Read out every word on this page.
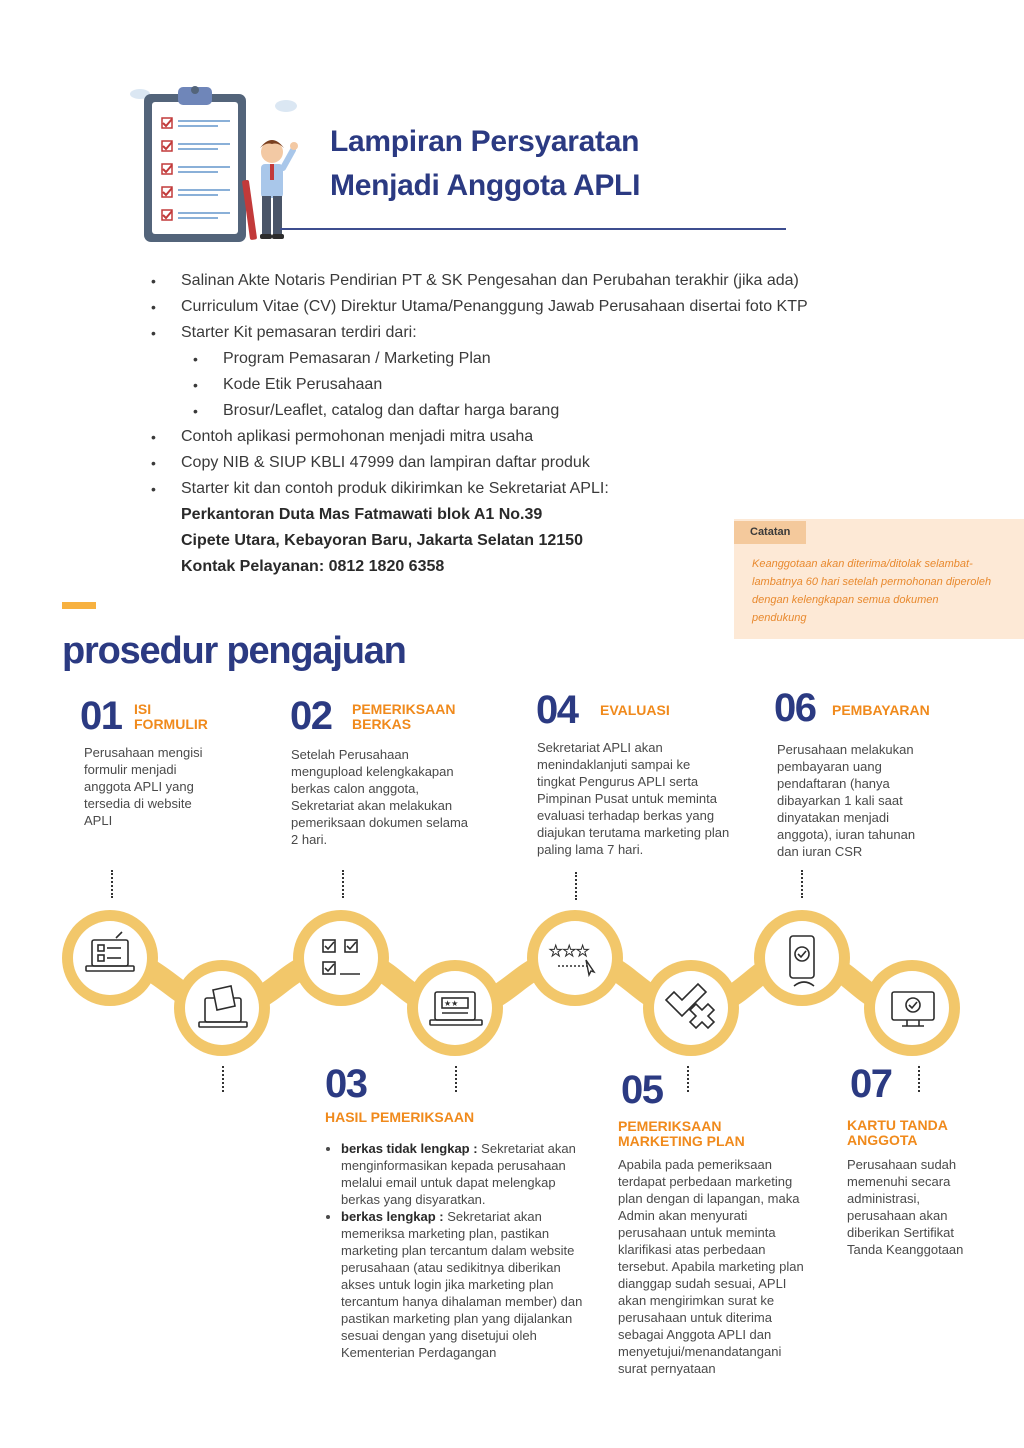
Lampiran Persyaratan
Menjadi Anggota APLI
• Salinan Akte Notaris Pendirian PT & SK Pengesahan dan Perubahan terakhir (jika ada)
• Curriculum Vitae (CV) Direktur Utama/Penanggung Jawab Perusahaan disertai foto KTP
• Starter Kit pemasaran terdiri dari:
• Program Pemasaran / Marketing Plan
• Kode Etik Perusahaan
• Brosur/Leaflet, catalog dan daftar harga barang
• Contoh aplikasi permohonan menjadi mitra usaha
• Copy NIB & SIUP KBLI 47999 dan lampiran daftar produk
• Starter kit dan contoh produk dikirimkan ke Sekretariat APLI:
Perkantoran Duta Mas Fatmawati blok A1 No.39
Cipete Utara, Kebayoran Baru, Jakarta Selatan 12150
Kontak Pelayanan: 0812 1820 6358
Catatan
Keanggotaan akan diterima/ditolak selambat-lambatnya 60 hari setelah permohonan diperoleh dengan kelengkapan semua dokumen pendukung
prosedur pengajuan
01 ISI FORMULIR
Perusahaan mengisi formulir menjadi anggota APLI yang tersedia di website APLI
02 PEMERIKSAAN BERKAS
Setelah Perusahaan mengupload kelengkakapan berkas calon anggota, Sekretariat akan melakukan pemeriksaan dokumen selama 2 hari.
04 EVALUASI
Sekretariat APLI akan menindaklanjuti sampai ke tingkat Pengurus APLI serta Pimpinan Pusat untuk meminta evaluasi terhadap berkas yang diajukan terutama marketing plan paling lama 7 hari.
06 PEMBAYARAN
Perusahaan melakukan pembayaran uang pendaftaran (hanya dibayarkan 1 kali saat dinyatakan menjadi anggota), iuran tahunan dan iuran CSR
★★
★★★
03
HASIL PEMERIKSAAN
• berkas tidak lengkap : Sekretariat akan menginformasikan kepada perusahaan melalui email untuk dapat melengkap berkas yang disyaratkan.
• berkas lengkap : Sekretariat akan memeriksa marketing plan, pastikan marketing plan tercantum dalam website perusahaan (atau sedikitnya diberikan akses untuk login jika marketing plan tercantum hanya dihalaman member) dan pastikan marketing plan yang dijalankan sesuai dengan yang disetujui oleh Kementerian Perdagangan
05
PEMERIKSAAN MARKETING PLAN
Apabila pada pemeriksaan terdapat perbedaan marketing plan dengan di lapangan, maka Admin akan menyurati perusahaan untuk meminta klarifikasi atas perbedaan tersebut. Apabila marketing plan dianggap sudah sesuai, APLI akan mengirimkan surat ke perusahaan untuk diterima sebagai Anggota APLI dan menyetujui/menandatangani surat pernyataan
07
KARTU TANDA ANGGOTA
Perusahaan sudah memenuhi secara administrasi, perusahaan akan diberikan Sertifikat Tanda Keanggotaan
